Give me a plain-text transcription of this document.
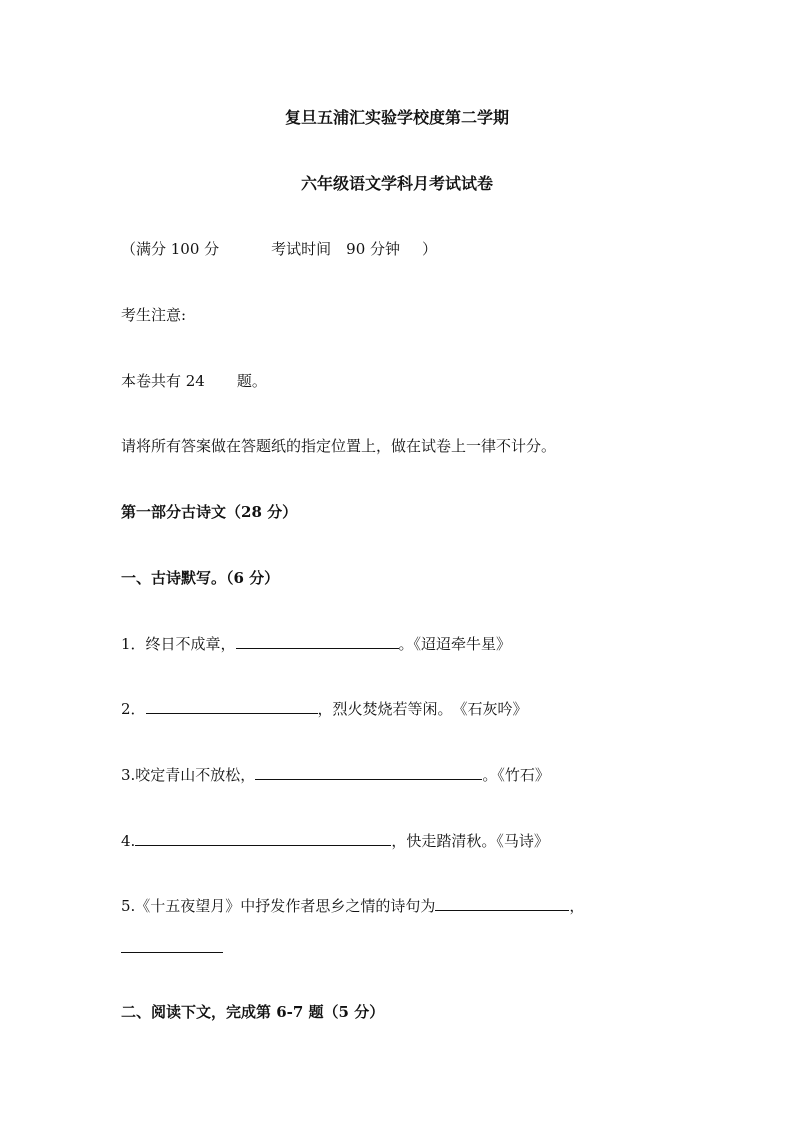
复旦五浦汇实验学校度第二学期
六年级语文学科月考试试卷
（满分 100 分	考试时间　90 分钟 ）
考生注意:
本卷共有 24 题。
请将所有答案做在答题纸的指定位置上，做在试卷上一律不计分。
第一部分古诗文（28 分）
一、古诗默写。（6 分）
1．终日不成章，	。《迢迢牵牛星》
2．	，烈火焚烧若等闲。　《石灰吟》
3.咬定青山不放松，	。《竹石》
4.	，快走踏清秋。《马诗》
5.《十五夜望月》中抒发作者思乡之情的诗句为	，
二、阅读下文，完成第 6-7 题（5 分）
